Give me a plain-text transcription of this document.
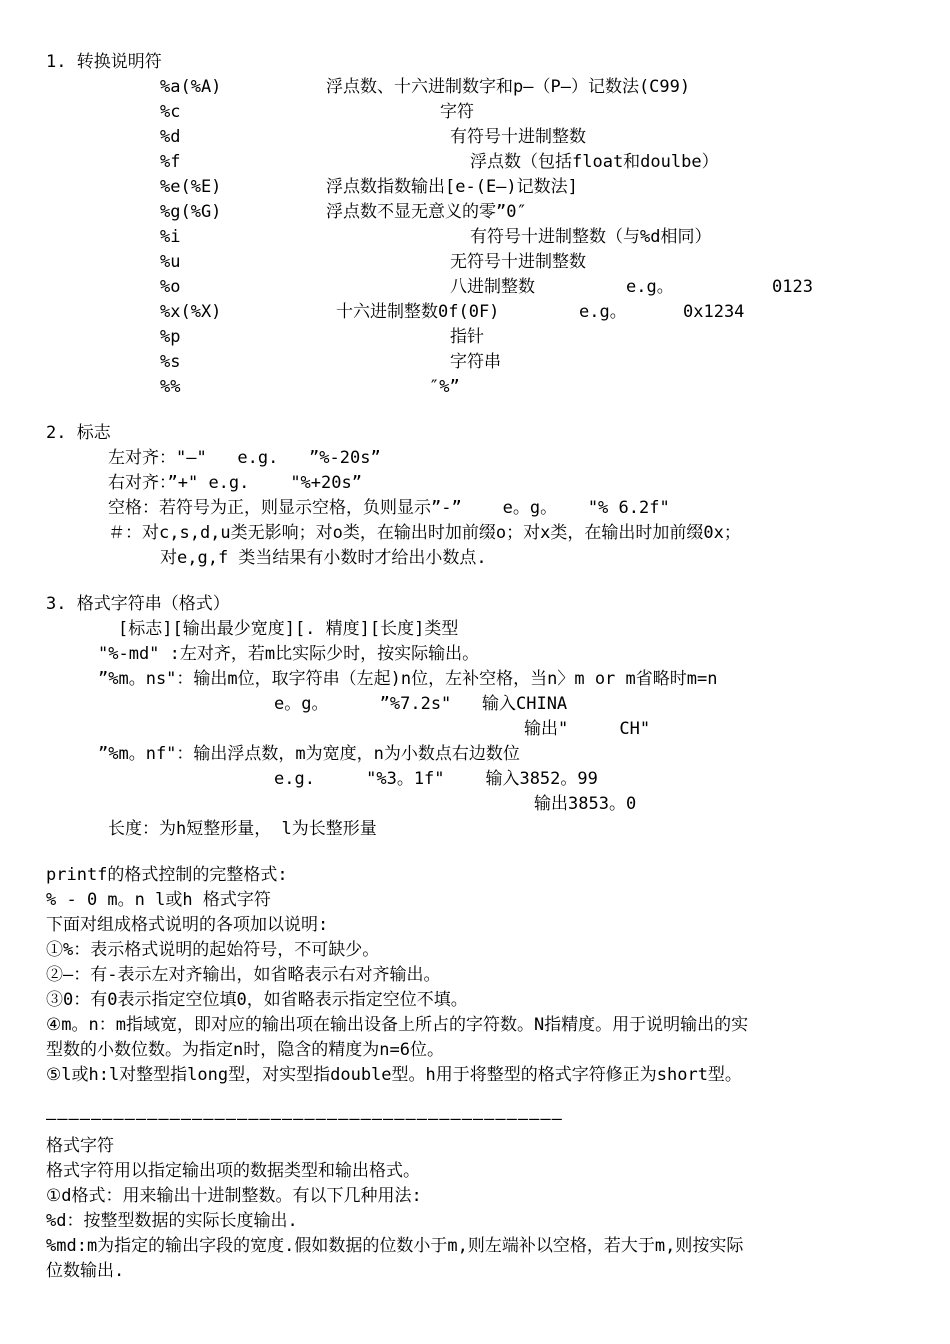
1. 转换说明符
%a(%A)	浮点数、十六进制数字和p—（P—）记数法(C99)
%c	字符
%d	有符号十进制整数
%f	浮点数（包括float和doulbe）
%e(%E)	浮点数指数输出[e-(E—)记数法]
%g(%G)	浮点数不显无意义的零”0″
%i	有符号十进制整数（与%d相同）
%u	无符号十进制整数
%o	八进制整数	e.g。	0123
%x(%X)	十六进制整数0f(0F)	e.g。	0x1234
%p	指针
%s	字符串
%%	″%”
2. 标志
左对齐："—"   e.g.   ”%-20s”
右对齐：”+" e.g.    "%+20s”
空格：若符号为正，则显示空格，负则显示”-”    e。g。   "% 6.2f"
＃：对c,s,d,u类无影响；对o类，在输出时加前缀o；对x类，在输出时加前缀0x；
对e,g,f 类当结果有小数时才给出小数点.
3. 格式字符串（格式）
[标志][输出最少宽度][. 精度][长度]类型
"%-md" :左对齐，若m比实际少时，按实际输出。
”%m。ns"：输出m位，取字符串（左起)n位，左补空格，当n〉m or m省略时m=n
e。g。     ”%7.2s"   输入CHINA
输出"     CH"
”%m。nf"：输出浮点数，m为宽度，n为小数点右边数位
e.g.     "%3。1f"    输入3852。99
输出3853。0
长度：为h短整形量， l为长整形量
printf的格式控制的完整格式:
% - 0 m。n l或h 格式字符
下面对组成格式说明的各项加以说明:
①%：表示格式说明的起始符号，不可缺少。
②—：有-表示左对齐输出，如省略表示右对齐输出。
③0：有0表示指定空位填0，如省略表示指定空位不填。
④m。n：m指域宽，即对应的输出项在输出设备上所占的字符数。N指精度。用于说明输出的实
型数的小数位数。为指定n时，隐含的精度为n=6位。
⑤l或h:l对整型指long型，对实型指double型。h用于将整型的格式字符修正为short型。
——————————————————————————————————————————————
格式字符
格式字符用以指定输出项的数据类型和输出格式。
①d格式：用来输出十进制整数。有以下几种用法:
%d：按整型数据的实际长度输出.
%md:m为指定的输出字段的宽度.假如数据的位数小于m,则左端补以空格，若大于m,则按实际
位数输出.
